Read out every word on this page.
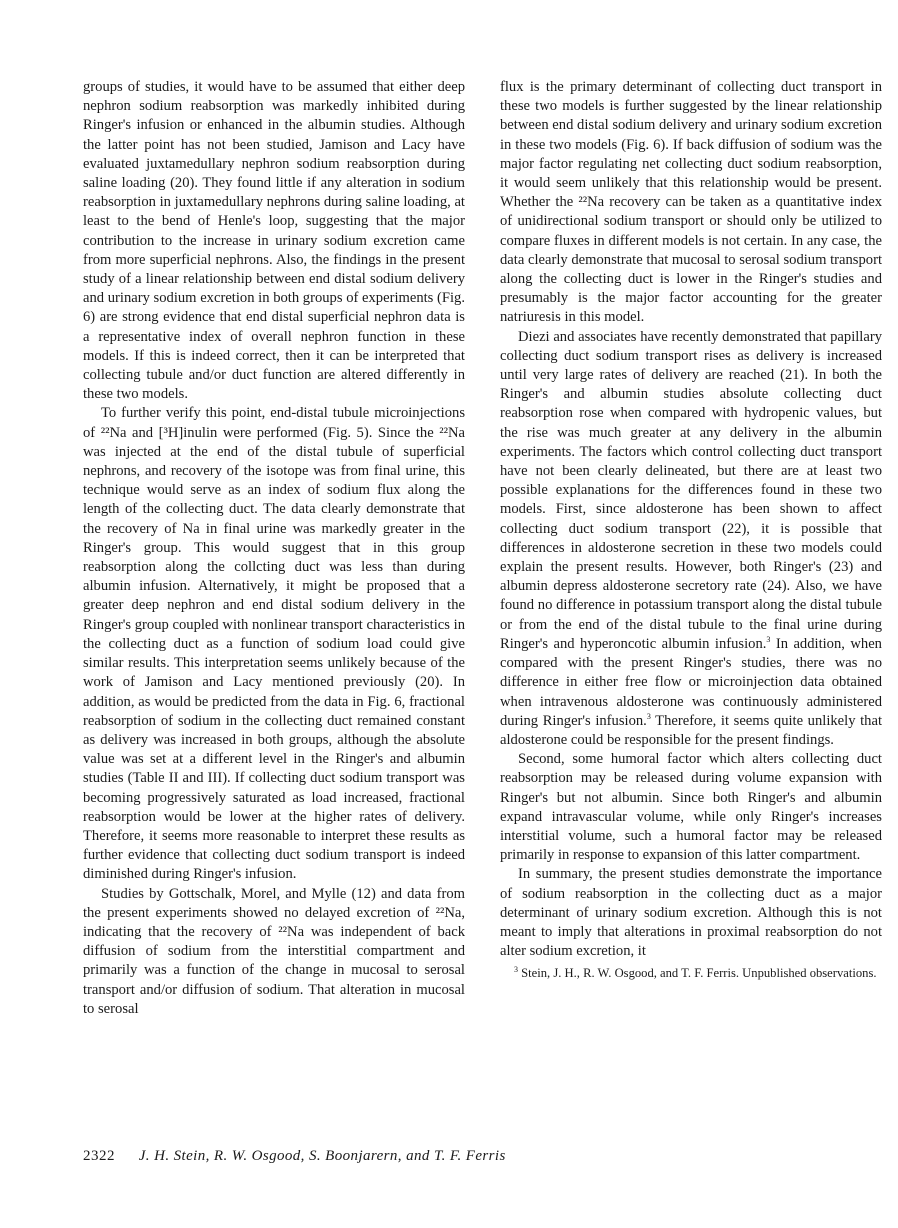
groups of studies, it would have to be assumed that either deep nephron sodium reabsorption was markedly inhibited during Ringer's infusion or enhanced in the albumin studies. Although the latter point has not been studied, Jamison and Lacy have evaluated juxtamedullary nephron sodium reabsorption during saline loading (20). They found little if any alteration in sodium reabsorption in juxtamedullary nephrons during saline loading, at least to the bend of Henle's loop, suggesting that the major contribution to the increase in urinary sodium excretion came from more superficial nephrons. Also, the findings in the present study of a linear relationship between end distal sodium delivery and urinary sodium excretion in both groups of experiments (Fig. 6) are strong evidence that end distal superficial nephron data is a representative index of overall nephron function in these models. If this is indeed correct, then it can be interpreted that collecting tubule and/or duct function are altered differently in these two models.

To further verify this point, end-distal tubule microinjections of ²²Na and [³H]inulin were performed (Fig. 5). Since the ²²Na was injected at the end of the distal tubule of superficial nephrons, and recovery of the isotope was from final urine, this technique would serve as an index of sodium flux along the length of the collecting duct. The data clearly demonstrate that the recovery of Na in final urine was markedly greater in the Ringer's group. This would suggest that in this group reabsorption along the collcting duct was less than during albumin infusion. Alternatively, it might be proposed that a greater deep nephron and end distal sodium delivery in the Ringer's group coupled with nonlinear transport characteristics in the collecting duct as a function of sodium load could give similar results. This interpretation seems unlikely because of the work of Jamison and Lacy mentioned previously (20). In addition, as would be predicted from the data in Fig. 6, fractional reabsorption of sodium in the collecting duct remained constant as delivery was increased in both groups, although the absolute value was set at a different level in the Ringer's and albumin studies (Table II and III). If collecting duct sodium transport was becoming progressively saturated as load increased, fractional reabsorption would be lower at the higher rates of delivery. Therefore, it seems more reasonable to interpret these results as further evidence that collecting duct sodium transport is indeed diminished during Ringer's infusion.

Studies by Gottschalk, Morel, and Mylle (12) and data from the present experiments showed no delayed excretion of ²²Na, indicating that the recovery of ²²Na was independent of back diffusion of sodium from the interstitial compartment and primarily was a function of the change in mucosal to serosal transport and/or diffusion of sodium. That alteration in mucosal to serosal

flux is the primary determinant of collecting duct transport in these two models is further suggested by the linear relationship between end distal sodium delivery and urinary sodium excretion in these two models (Fig. 6). If back diffusion of sodium was the major factor regulating net collecting duct sodium reabsorption, it would seem unlikely that this relationship would be present. Whether the ²²Na recovery can be taken as a quantitative index of unidirectional sodium transport or should only be utilized to compare fluxes in different models is not certain. In any case, the data clearly demonstrate that mucosal to serosal sodium transport along the collecting duct is lower in the Ringer's studies and presumably is the major factor accounting for the greater natriuresis in this model.

Diezi and associates have recently demonstrated that papillary collecting duct sodium transport rises as delivery is increased until very large rates of delivery are reached (21). In both the Ringer's and albumin studies absolute collecting duct reabsorption rose when compared with hydropenic values, but the rise was much greater at any delivery in the albumin experiments. The factors which control collecting duct transport have not been clearly delineated, but there are at least two possible explanations for the differences found in these two models. First, since aldosterone has been shown to affect collecting duct sodium transport (22), it is possible that differences in aldosterone secretion in these two models could explain the present results. However, both Ringer's (23) and albumin depress aldosterone secretory rate (24). Also, we have found no difference in potassium transport along the distal tubule or from the end of the distal tubule to the final urine during Ringer's and hyperoncotic albumin infusion.$^3$ In addition, when compared with the present Ringer's studies, there was no difference in either free flow or microinjection data obtained when intravenous aldosterone was continuously administered during Ringer's infusion.$^3$ Therefore, it seems quite unlikely that aldosterone could be responsible for the present findings.

Second, some humoral factor which alters collecting duct reabsorption may be released during volume expansion with Ringer's but not albumin. Since both Ringer's and albumin expand intravascular volume, while only Ringer's increases interstitial volume, such a humoral factor may be released primarily in response to expansion of this latter compartment.

In summary, the present studies demonstrate the importance of sodium reabsorption in the collecting duct as a major determinant of urinary sodium excretion. Although this is not meant to imply that alterations in proximal reabsorption do not alter sodium excretion, it

$^3$ Stein, J. H., R. W. Osgood, and T. F. Ferris. Unpublished observations.

2322 J. H. Stein, R. W. Osgood, S. Boonjarern, and T. F. Ferris
